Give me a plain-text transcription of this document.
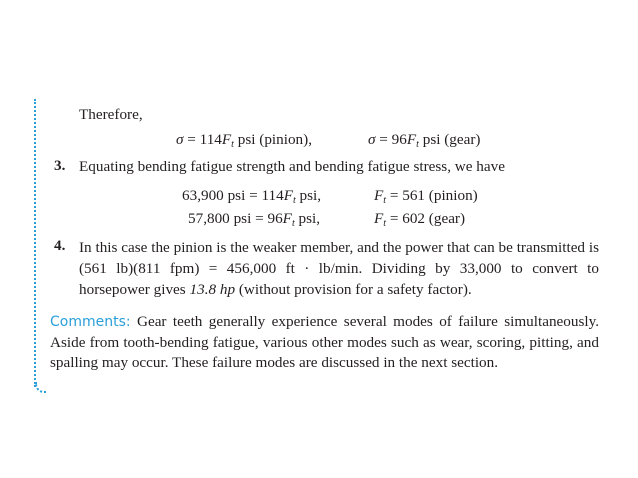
Therefore,
$\sigma = 114F_t$ psi (pinion),	$\sigma = 96F_t$ psi (gear)
3. Equating bending fatigue strength and bending fatigue stress, we have
63,900 psi = $114F_t$ psi,	$F_t = 561$ (pinion)
57,800 psi = $96F_t$ psi,	$F_t = 602$ (gear)
4. In this case the pinion is the weaker member, and the power that can be transmitted is (561 lb)(811 fpm) = 456,000 ft · lb/min. Dividing by 33,000 to convert to horsepower gives 13.8 hp (without provision for a safety factor).
Comments: Gear teeth generally experience several modes of failure simultaneously. Aside from tooth-bending fatigue, various other modes such as wear, scoring, pitting, and spalling may occur. These failure modes are discussed in the next section.
